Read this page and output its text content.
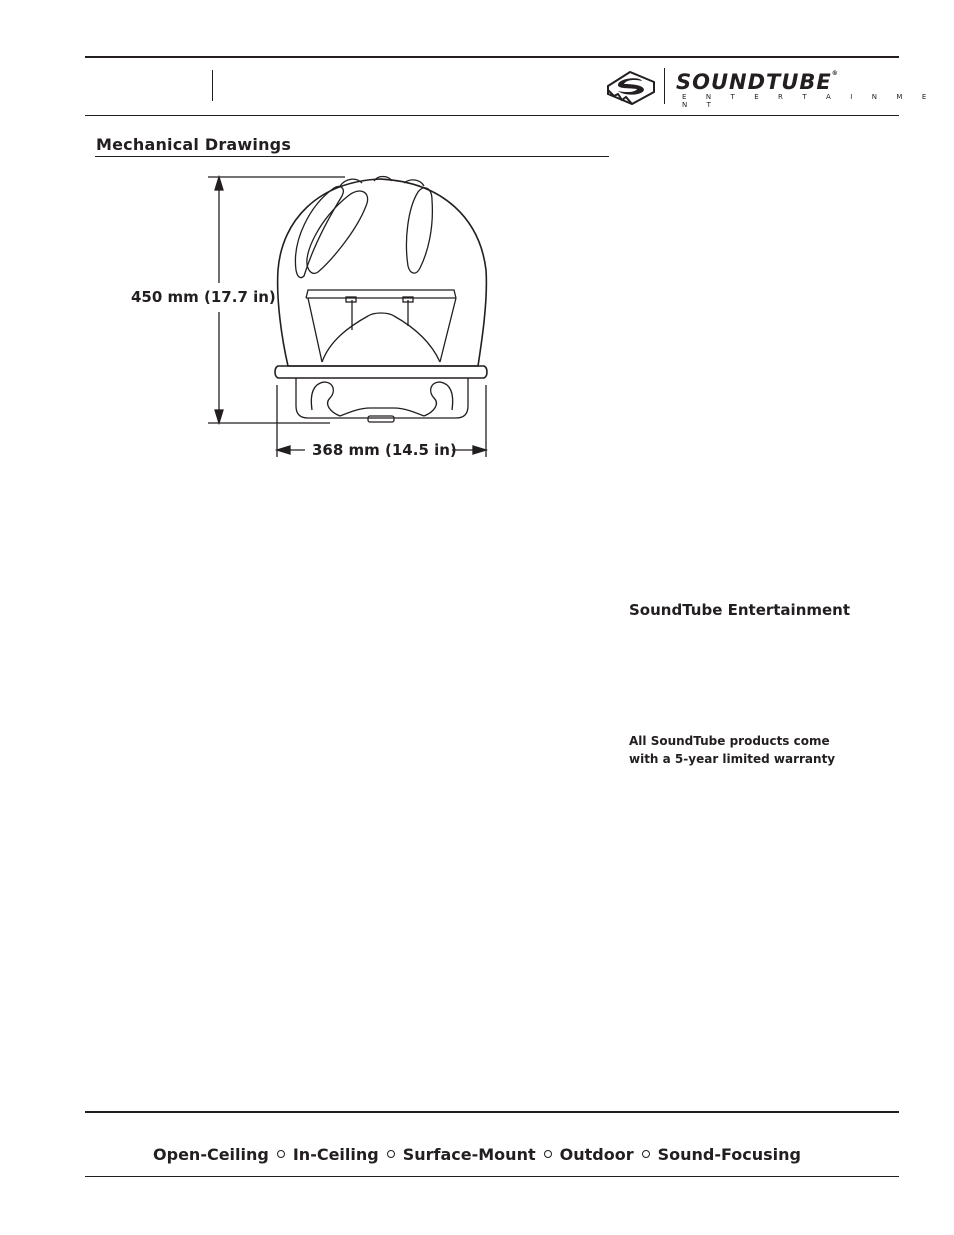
SOUNDTUBE®
E N T E R T A I N M E N T
Mechanical Drawings
450 mm (17.7 in)
368 mm (14.5 in)
SoundTube Entertainment
All SoundTube products come
with a 5-year limited warranty
Open-Ceiling In-Ceiling Surface-Mount Outdoor Sound-Focusing
